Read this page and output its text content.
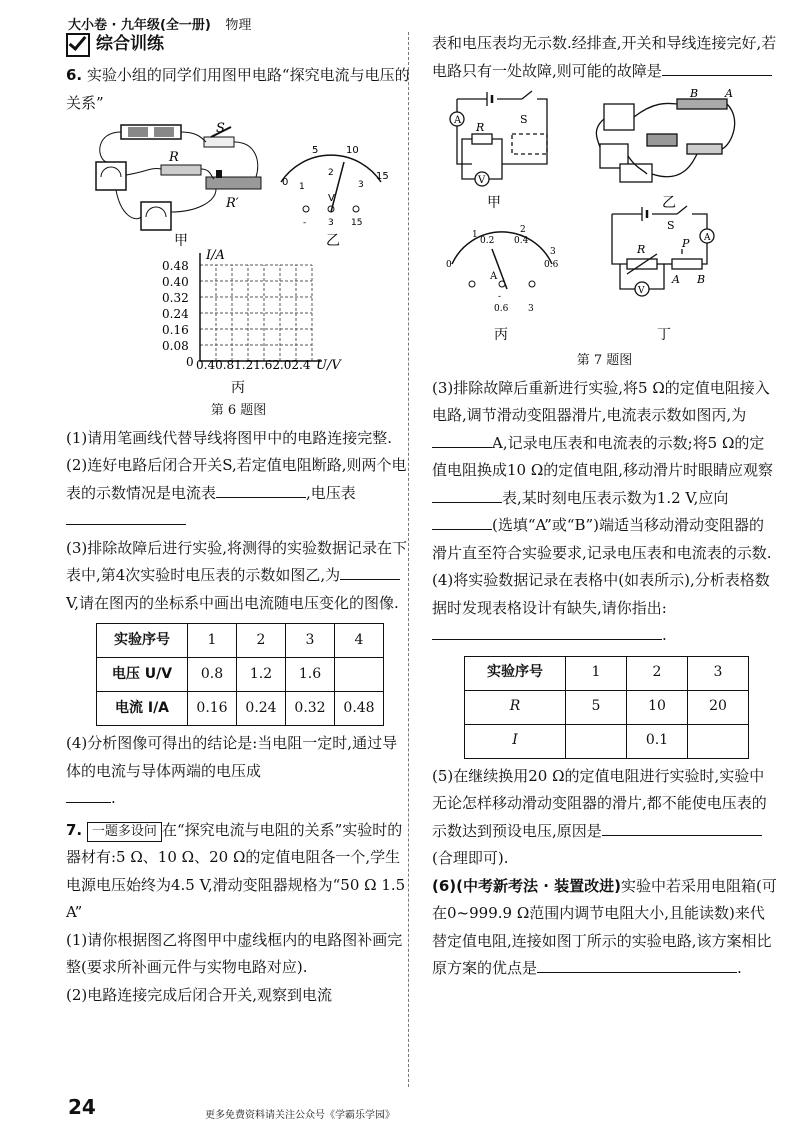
大小卷 · 九年级(全一册) 物理
综合训练

6. 实验小组的同学们用图甲电路“探究电流与电压的关系”

R
S
R′
甲
0
5	10
15
1
2
3
V
- 3 15
乙
I/A
U/V
0.40.81.21.62.02.4
丙
0.48
0.40
0.32
0.24
0.16
0.08
0
第 6 题图

(1)请用笔画线代替导线将图甲中的电路连接完整.

(2)连好电路后闭合开关S,若定值电阻断路,则两个电表的示数情况是电流表	,电压表

(3)排除故障后进行实验,将测得的实验数据记录在下表中,第4次实验时电压表的示数如图乙,为V,请在图丙的坐标系中画出电流随电压变化的图像.

实验序号	1	2	3	4
电压 U/V	0.8	1.2	1.6	
电流 I/A	0.16	0.24	0.32	0.48

(4)分析图像可得出的结论是:当电阻一定时,通过导体的电流与导体两端的电压成
.

7. 一题多设问 在“探究电流与电阻的关系”实验时的器材有:5 Ω、10 Ω、20 Ω的定值电阻各一个,学生电源电压始终为4.5 V,滑动变阻器规格为“50 Ω 1.5 A”

(1)请你根据图乙将图甲中虚线框内的电路图补画完整(要求所补画元件与实物电路对应).

(2)电路连接完成后闭合开关,观察到电流

表和电压表均无示数.经排查,开关和导线连接完好,若电路只有一处故障,则可能的故障是

A
V
R
S
甲
B A
乙
0
0.2 0.4
0.6
1	2
3
A
-
0.6 3
丙
S
A
V
R	P
A B
丁
第 7 题图

(3)排除故障后重新进行实验,将5 Ω的定值电阻接入电路,调节滑动变阻器滑片,电流表示数如图丙,为A,记录电压表和电流表的示数;将5 Ω的定值电阻换成10 Ω的定值电阻,移动滑片时眼睛应观察表,某时刻电压表示数为1.2 V,应向(选填“A”或“B”)端适当移动滑动变阻器的滑片直至符合实验要求,记录电压表和电流表的示数.

(4)将实验数据记录在表格中(如表所示),分析表格数据时发现表格设计有缺失,请你指出:.

实验序号	1	2	3
R	5	10	20
I		0.1	

(5)在继续换用20 Ω的定值电阻进行实验时,实验中无论怎样移动滑动变阻器的滑片,都不能使电压表的示数达到预设电压,原因是(合理即可).

(6)(中考新考法 · 装置改进)实验中若采用电阻箱(可在0~999.9 Ω范围内调节电阻大小,且能读数)来代替定值电阻,连接如图丁所示的实验电路,该方案相比原方案的优点是	.

24	更多免费资料请关注公众号《学霸乐学园》
